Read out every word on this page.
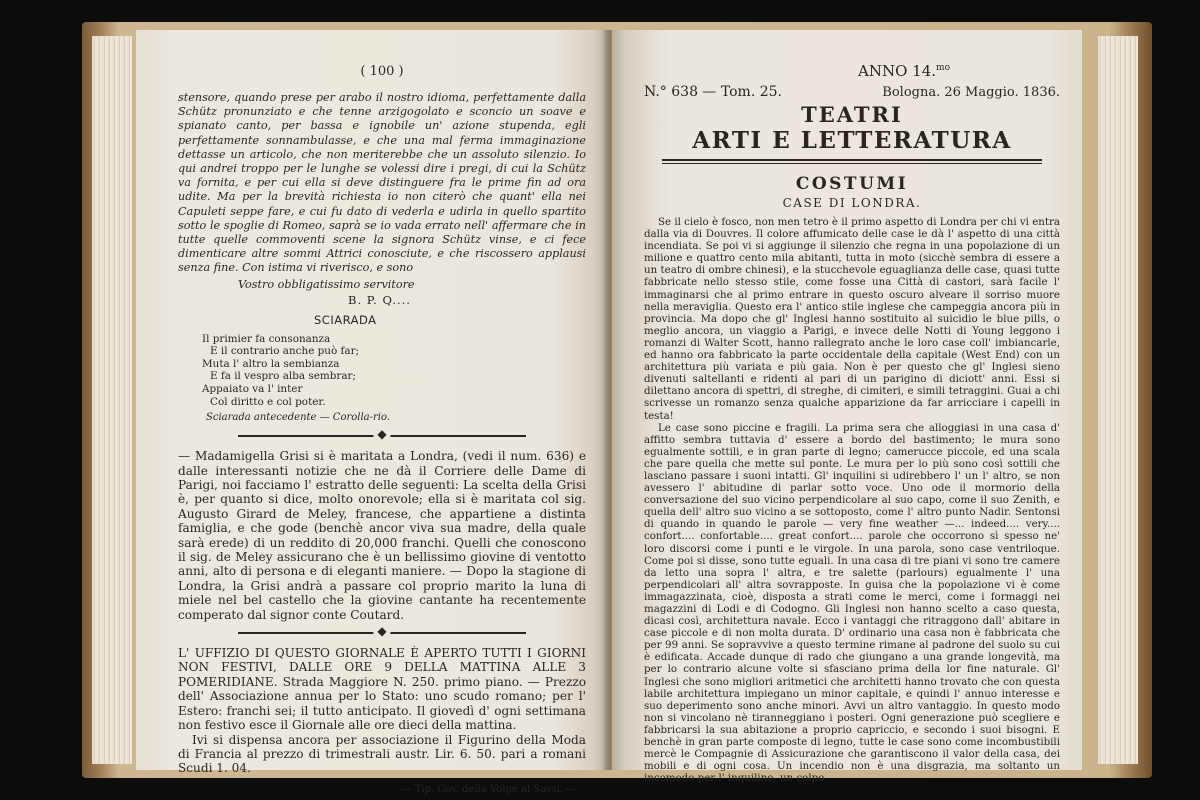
( 100 )

stensore, quando prese per arabo il nostro idioma, perfettamente dalla Schütz pronunziato e che tenne arzigogolato e sconcio un soave e spianato canto, per bassa e ignobile un' azione stupenda, egli perfettamente sonnambulasse, e che una mal ferma immaginazione dettasse un articolo, che non meriterebbe che un assoluto silenzio. Io qui andrei troppo per le lunghe se volessi dire i pregi, di cui la Schütz va fornita, e per cui ella si deve distinguere fra le prime fin ad ora udite. Ma per la brevità richiesta io non citerò che quant' ella nei Capuleti seppe fare, e cui fu dato di vederla e udirla in quello spartito sotto le spoglie di Romeo, saprà se io vada errato nell' affermare che in tutte quelle commoventi scene la signora Schütz vinse, e ci fece dimenticare altre sommi Attrici conosciute, e che riscossero applausi senza fine. Con istima vi riverisco, e sono

Vostro obbligatissimo servitore
B. P. Q....
SCIARADA
Il primier fa consonanza
E il contrario anche può far;
Muta l' altro la sembianza
E fa il vespro alba sembrar;
Appaiato va l' inter
Col diritto e col poter.
Sciarada antecedente — Corolla-rio.
◆

— Madamigella Grisi si è maritata a Londra, (vedi il num. 636) e dalle interessanti notizie che ne dà il Corriere delle Dame di Parigi, noi facciamo l' estratto delle seguenti: La scelta della Grisi è, per quanto si dice, molto onorevole; ella si è maritata col sig. Augusto Girard de Meley, francese, che appartiene a distinta famiglia, e che gode (benchè ancor viva sua madre, della quale sarà erede) di un reddito di 20,000 franchi. Quelli che conoscono il sig. de Meley assicurano che è un bellissimo giovine di ventotto anni, alto di persona e di eleganti maniere. — Dopo la stagione di Londra, la Grisi andrà a passare col proprio marito la luna di miele nel bel castello che la giovine cantante ha recentemente comperato dal signor conte Coutard.

◆

L' UFFIZIO DI QUESTO GIORNALE È APERTO TUTTI I GIORNI NON FESTIVI, DALLE ORE 9 DELLA MATTINA ALLE 3 POMERIDIANE. Strada Maggiore N. 250. primo piano. — Prezzo dell' Associazione annua per lo Stato: uno scudo romano; per l' Estero: franchi sei; il tutto anticipato. Il giovedì d' ogni settimana non festivo esce il Giornale alle ore dieci della mattina.

Ivi si dispensa ancora per associazione il Figurino della Moda di Francia al prezzo di trimestrali austr. Lir. 6. 50. pari a romani Scudi 1. 04.

— Tip. Gov. della Volpe al Sassi. —
ANNO 14.$^{mo}$
N.° 638 — Tom. 25.	Bologna. 26 Maggio. 1836.
TEATRI
ARTI E LETTERATURA
COSTUMI
CASE DI LONDRA.

Se il cielo è fosco, non men tetro è il primo aspetto di Londra per chi vi entra dalla via di Douvres. Il colore affumicato delle case le dà l' aspetto di una città incendiata. Se poi vi si aggiunge il silenzio che regna in una popolazione di un milione e quattro cento mila abitanti, tutta in moto (sicchè sembra di essere a un teatro di ombre chinesi), e la stucchevole eguaglianza delle case, quasi tutte fabbricate nello stesso stile, come fosse una Città di castori, sarà facile l' immaginarsi che al primo entrare in questo oscuro alveare il sorriso muore nella meraviglia. Questo era l' antico stile inglese che campeggia ancora più in provincia. Ma dopo che gl' Inglesi hanno sostituito al suicidio le blue pills, o meglio ancora, un viaggio a Parigi, e invece delle Notti di Young leggono i romanzi di Walter Scott, hanno rallegrato anche le loro case coll' imbiancarle, ed hanno ora fabbricato la parte occidentale della capitale (West End) con un architettura più variata e più gaia. Non è per questo che gl' Inglesi sieno divenuti saltellanti e ridenti al pari di un parigino di diciott' anni. Essi si dilettano ancora di spettri, di streghe, di cimiteri, e simili tetraggini. Guai a chi scrivesse un romanzo senza qualche apparizione da far arricciare i capelli in testa!

Le case sono piccine e fragili. La prima sera che alloggiasi in una casa d' affitto sembra tuttavia d' essere a bordo del bastimento; le mura sono egualmente sottili, e in gran parte di legno; camerucce piccole, ed una scala che pare quella che mette sul ponte. Le mura per lo più sono così sottili che lasciano passare i suoni intatti. Gl' inquilini si udirebbero l' un l' altro, se non avessero l' abitudine di parlar sotto voce. Uno ode il mormorio della conversazione del suo vicino perpendicolare al suo capo, come il suo Zenith, e quella dell' altro suo vicino a se sottoposto, come l' altro punto Nadir. Sentonsi di quando in quando le parole — very fine weather —... indeed.... very.... confort.... confortable.... great confort.... parole che occorrono sì spesso ne' loro discorsi come i punti e le virgole. In una parola, sono case ventriloque. Come poi si disse, sono tutte eguali. In una casa di tre piani vi sono tre camere da letto una sopra l' altra, e tre salette (parlours) egualmente l' una perpendicolari all' altra sovrapposte. In guisa che la popolazione vi è come immagazzinata, cioè, disposta a strati come le merci, come i formaggi nei magazzini di Lodi e di Codogno. Gli Inglesi non hanno scelto a caso questa, dicasi così, architettura navale. Ecco i vantaggi che ritraggono dall' abitare in case piccole e di non molta durata. D' ordinario una casa non è fabbricata che per 99 anni. Se sopravvive a questo termine rimane al padrone del suolo su cui è edificata. Accade dunque di rado che giungano a una grande longevità, ma per lo contrario alcune volte si sfasciano prima della lor fine naturale. Gl' Inglesi che sono migliori aritmetici che architetti hanno trovato che con questa labile architettura impiegano un minor capitale, e quindi l' annuo interesse e suo deperimento sono anche minori. Avvi un altro vantaggio. In questo modo non si vincolano nè tiranneggiano i posteri. Ogni generazione può scegliere e fabbricarsi la sua abitazione a proprio capriccio, e secondo i suoi bisogni. E benchè in gran parte composte di legno, tutte le case sono come incombustibili mercè le Compagnie di Assicurazione che garantiscono il valor della casa, dei mobili e di ogni cosa. Un incendio non è una disgrazia, ma soltanto un incomodo per l' inquilino, un colpo
